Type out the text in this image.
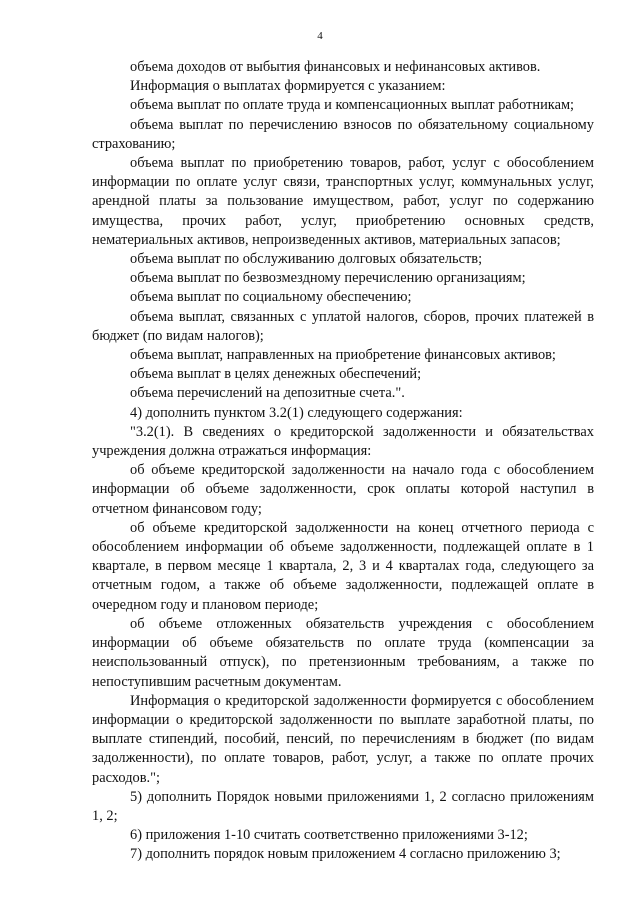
4

объема доходов от выбытия финансовых и нефинансовых активов.

Информация о выплатах формируется с указанием:

объема выплат по оплате труда и компенсационных выплат работникам;

объема выплат по перечислению взносов по обязательному социальному страхованию;

объема выплат по приобретению товаров, работ, услуг с обособлением информации по оплате услуг связи, транспортных услуг, коммунальных услуг, арендной платы за пользование имуществом, работ, услуг по содержанию имущества, прочих работ, услуг, приобретению основных средств, нематериальных активов, непроизведенных активов, материальных запасов;

объема выплат по обслуживанию долговых обязательств;

объема выплат по безвозмездному перечислению организациям;

объема выплат по социальному обеспечению;

объема выплат, связанных с уплатой налогов, сборов, прочих платежей в бюджет (по видам налогов);

объема выплат, направленных на приобретение финансовых активов;

объема выплат в целях денежных обеспечений;

объема перечислений на депозитные счета.".

4) дополнить пунктом 3.2(1) следующего содержания:

"3.2(1). В сведениях о кредиторской задолженности и обязательствах учреждения должна отражаться информация:

об объеме кредиторской задолженности на начало года с обособлением информации об объеме задолженности, срок оплаты которой наступил в отчетном финансовом году;

об объеме кредиторской задолженности на конец отчетного периода с обособлением информации об объеме задолженности, подлежащей оплате в 1 квартале, в первом месяце 1 квартала, 2, 3 и 4 кварталах года, следующего за отчетным годом, а также об объеме задолженности, подлежащей оплате в очередном году и плановом периоде;

об объеме отложенных обязательств учреждения с обособлением информации об объеме обязательств по оплате труда (компенсации за неиспользованный отпуск), по претензионным требованиям, а также по непоступившим расчетным документам.

Информация о кредиторской задолженности формируется с обособлением информации о кредиторской задолженности по выплате заработной платы, по выплате стипендий, пособий, пенсий, по перечислениям в бюджет (по видам задолженности), по оплате товаров, работ, услуг, а также по оплате прочих расходов.";

5) дополнить Порядок новыми приложениями 1, 2 согласно приложениям 1, 2;

6) приложения 1-10 считать соответственно приложениями 3-12;

7) дополнить порядок новым приложением 4 согласно приложению 3;
